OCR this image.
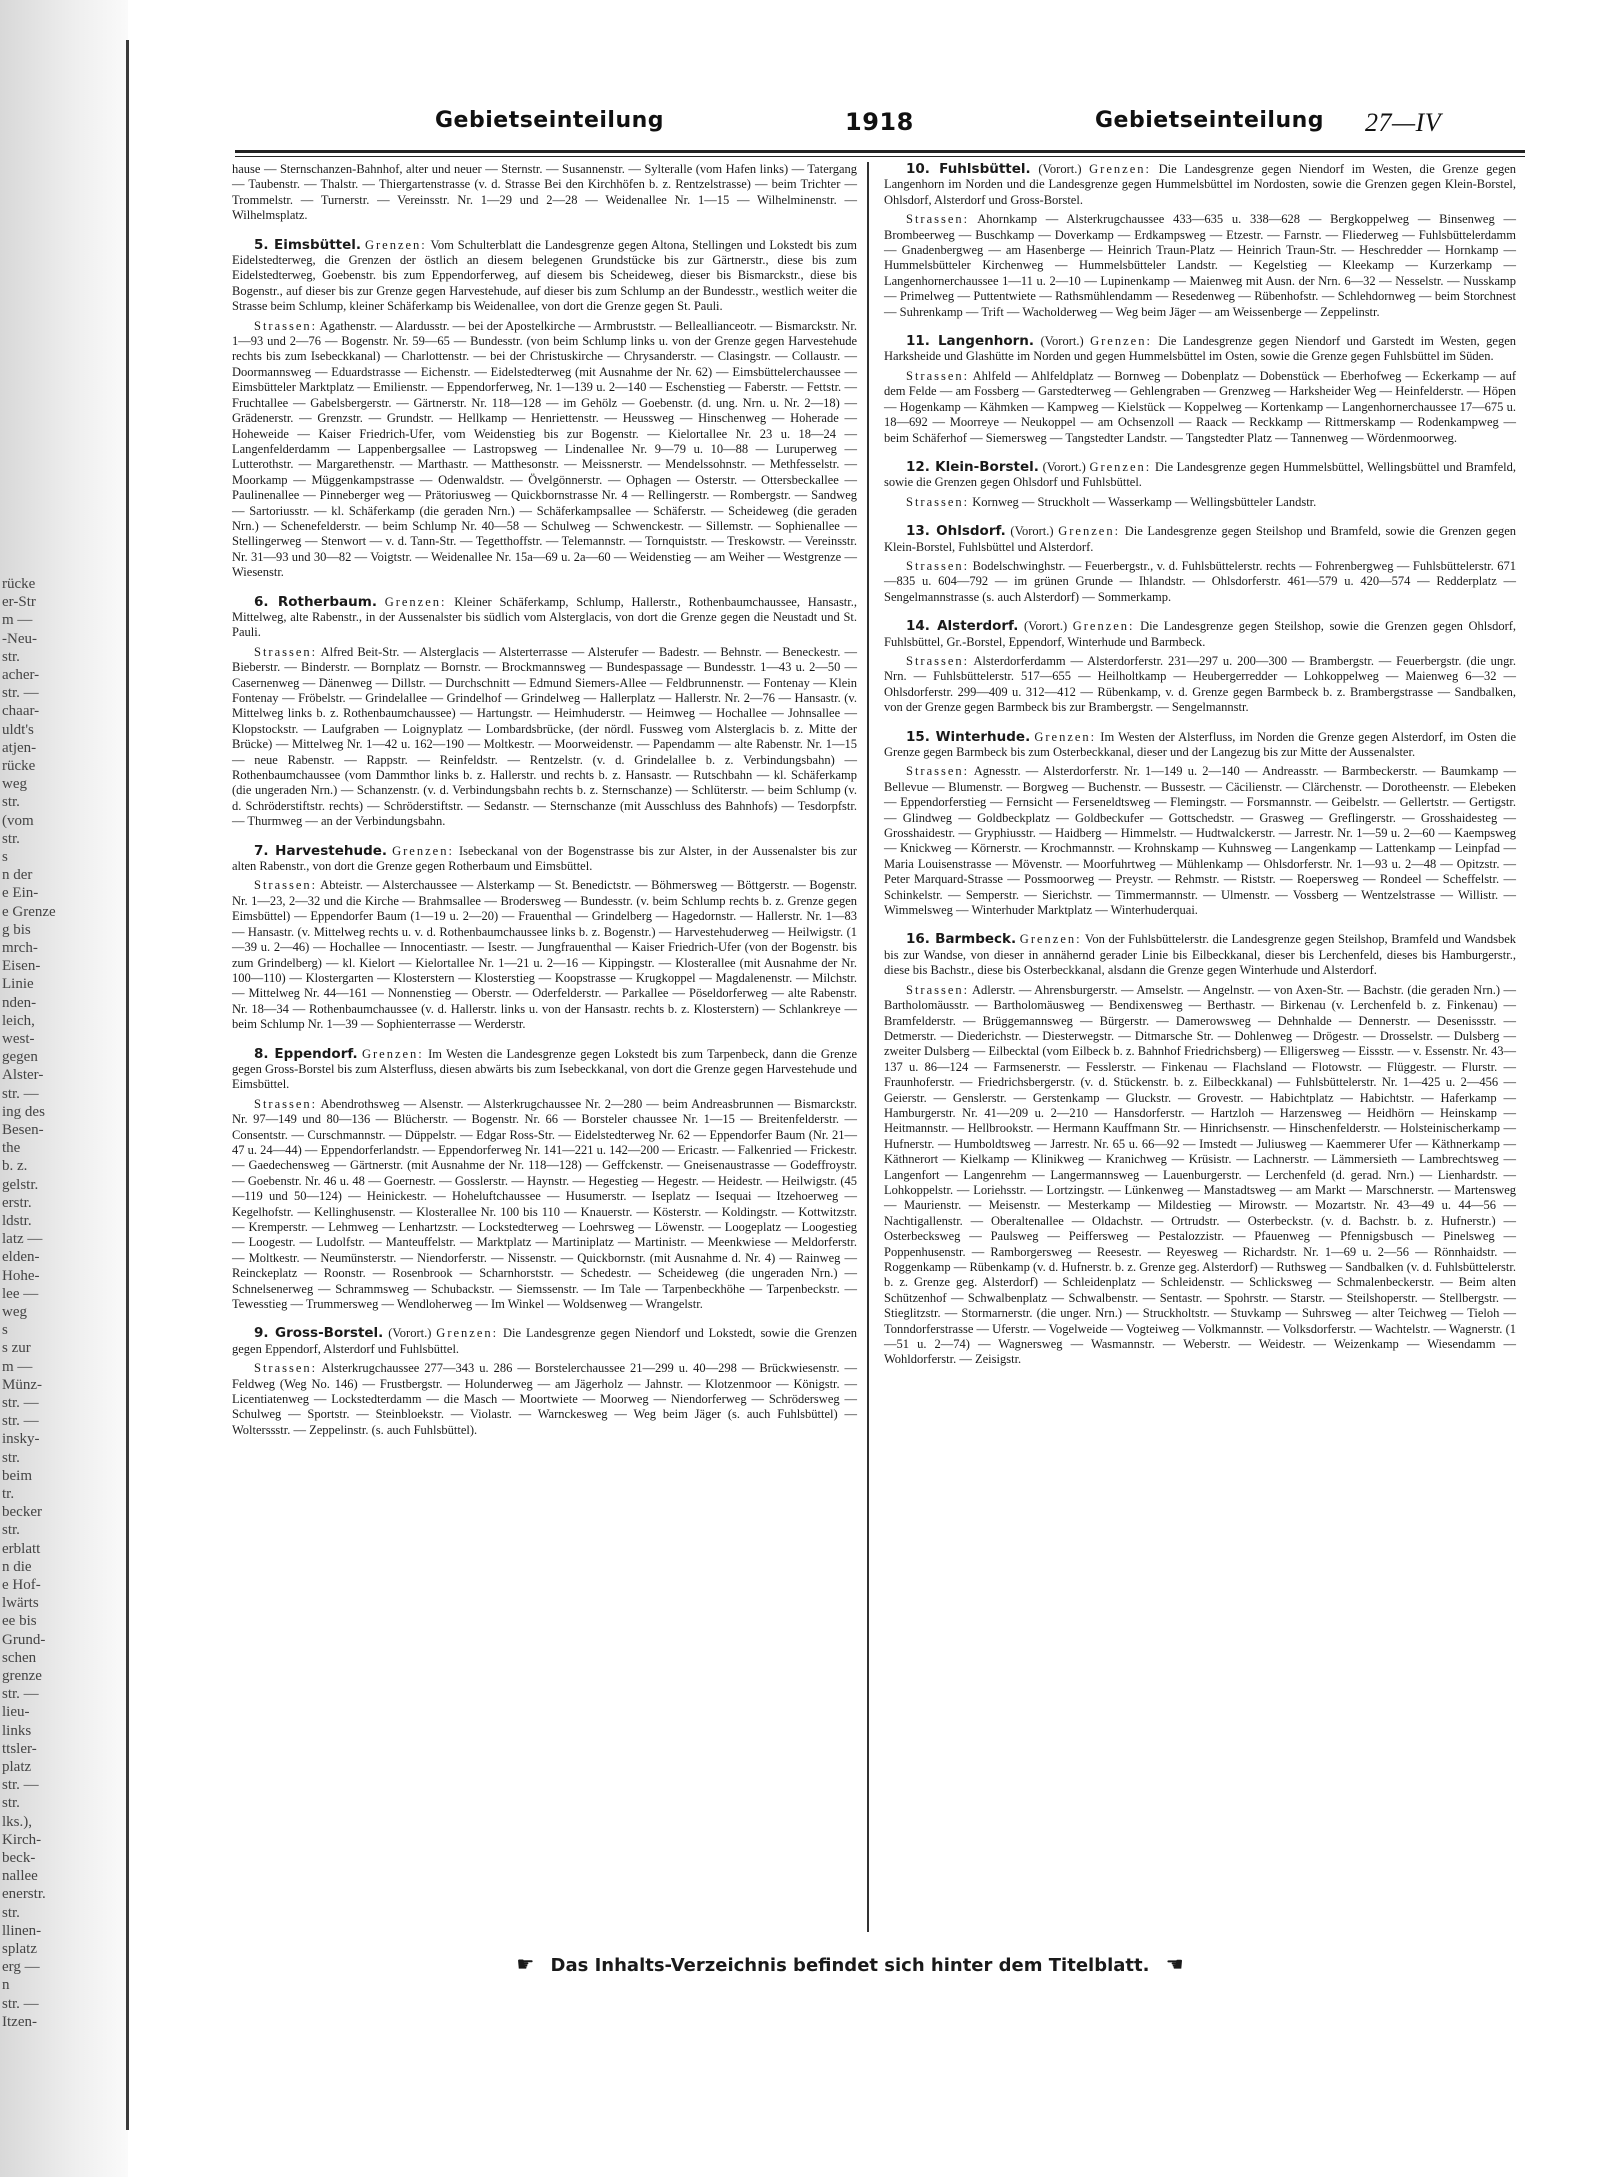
rücke
er-Str
m —
-Neu-
str.
acher-
str. —
chaar-
uldt's
atjen-
rücke
weg
str.
(vom
str.
s
n der
e Ein-
e Grenze
g bis
mrch-
Eisen-
Linie
nden-
leich,
west-
gegen
Alster-
str. —
ing des
Besen-
the
b. z.
gelstr.
erstr.
ldstr.
latz —
elden-
Hohe-
lee —
weg
s
s zur
m —
Münz-
str. —
str. —
insky-
str.
beim
tr.
becker
str.
erblatt
n die
e Hof-
lwärts
ee bis
Grund-
schen
grenze
str. —
lieu-
links
ttsler-
platz
str. —
str.
lks.),
Kirch-
beck-
nallee
enerstr.
str.
llinen-
splatz
erg —
n
str. —
Itzen-
Gebietseinteilung	1918	Gebietseinteilung 27—IV

hause — Sternschanzen-Bahnhof, alter und neuer — Sternstr. — Susannenstr. — Sylteralle (vom Hafen links) — Tatergang — Taubenstr. — Thalstr. — Thiergartenstrasse (v. d. Strasse Bei den Kirchhöfen b. z. Rentzelstrasse) — beim Trichter — Trommelstr. — Turnerstr. — Vereinsstr. Nr. 1—29 und 2—28 — Weidenallee Nr. 1—15 — Wilhelminenstr. — Wilhelmsplatz.

5. Eimsbüttel. Grenzen: Vom Schulterblatt die Landesgrenze gegen Altona, Stellingen und Lokstedt bis zum Eidelstedterweg, die Grenzen der östlich an diesem belegenen Grundstücke bis zur Gärtnerstr., diese bis zum Eidelstedterweg, Goebenstr. bis zum Eppendorferweg, auf diesem bis Scheideweg, dieser bis Bismarckstr., diese bis Bogenstr., auf dieser bis zur Grenze gegen Harvestehude, auf dieser bis zum Schlump an der Bundesstr., westlich weiter die Strasse beim Schlump, kleiner Schäferkamp bis Weidenallee, von dort die Grenze gegen St. Pauli.

Strassen: Agathenstr. — Alardusstr. — bei der Apostelkirche — Armbruststr. — Belleallianceotr. — Bismarckstr. Nr. 1—93 und 2—76 — Bogenstr. Nr. 59—65 — Bundesstr. (von beim Schlump links u. von der Grenze gegen Harvestehude rechts bis zum Isebeckkanal) — Charlottenstr. — bei der Christuskirche — Chrysanderstr. — Clasingstr. — Collaustr. — Doormannsweg — Eduardstrasse — Eichenstr. — Eidelstedterweg (mit Ausnahme der Nr. 62) — Eimsbüttelerchaussee — Eimsbütteler Marktplatz — Emilienstr. — Eppendorferweg, Nr. 1—139 u. 2—140 — Eschenstieg — Faberstr. — Fettstr. — Fruchtallee — Gabelsbergerstr. — Gärtnerstr. Nr. 118—128 — im Gehölz — Goebenstr. (d. ung. Nrn. u. Nr. 2—18) — Grädenerstr. — Grenzstr. — Grundstr. — Hellkamp — Henriettenstr. — Heussweg — Hinschenweg — Hoherade — Hoheweide — Kaiser Friedrich-Ufer, vom Weidenstieg bis zur Bogenstr. — Kielortallee Nr. 23 u. 18—24 — Langenfelderdamm — Lappenbergsallee — Lastropsweg — Lindenallee Nr. 9—79 u. 10—88 — Luruperweg — Lutterothstr. — Margarethenstr. — Marthastr. — Matthesonstr. — Meissnerstr. — Mendelssohnstr. — Methfesselstr. — Moorkamp — Müggenkampstrasse — Odenwaldstr. — Övelgönnerstr. — Ophagen — Osterstr. — Ottersbeckallee — Paulinenallee — Pinneberger weg — Prätoriusweg — Quickbornstrasse Nr. 4 — Rellingerstr. — Rombergstr. — Sandweg — Sartoriusstr. — kl. Schäferkamp (die geraden Nrn.) — Schäferkampsallee — Schäferstr. — Scheideweg (die geraden Nrn.) — Schenefelderstr. — beim Schlump Nr. 40—58 — Schulweg — Schwenckestr. — Sillemstr. — Sophienallee — Stellingerweg — Stenwort — v. d. Tann-Str. — Tegetthoffstr. — Telemannstr. — Tornquiststr. — Treskowstr. — Vereinsstr. Nr. 31—93 und 30—82 — Voigtstr. — Weidenallee Nr. 15a—69 u. 2a—60 — Weidenstieg — am Weiher — Westgrenze — Wiesenstr.

6. Rotherbaum. Grenzen: Kleiner Schäferkamp, Schlump, Hallerstr., Rothenbaumchaussee, Hansastr., Mittelweg, alte Rabenstr., in der Aussenalster bis südlich vom Alsterglacis, von dort die Grenze gegen die Neustadt und St. Pauli.

Strassen: Alfred Beit-Str. — Alsterglacis — Alsterterrasse — Alsterufer — Badestr. — Behnstr. — Beneckestr. — Bieberstr. — Binderstr. — Bornplatz — Bornstr. — Brockmannsweg — Bundespassage — Bundesstr. 1—43 u. 2—50 — Casernenweg — Dänenweg — Dillstr. — Durchschnitt — Edmund Siemers-Allee — Feldbrunnenstr. — Fontenay — Klein Fontenay — Fröbelstr. — Grindelallee — Grindelhof — Grindelweg — Hallerplatz — Hallerstr. Nr. 2—76 — Hansastr. (v. Mittelweg links b. z. Rothenbaumchaussee) — Hartungstr. — Heimhuderstr. — Heimweg — Hochallee — Johnsallee — Klopstockstr. — Laufgraben — Loignyplatz — Lombardsbrücke, (der nördl. Fussweg vom Alsterglacis b. z. Mitte der Brücke) — Mittelweg Nr. 1—42 u. 162—190 — Moltkestr. — Moorweidenstr. — Papendamm — alte Rabenstr. Nr. 1—15 — neue Rabenstr. — Rappstr. — Reinfeldstr. — Rentzelstr. (v. d. Grindelallee b. z. Verbindungsbahn) — Rothenbaumchaussee (vom Dammthor links b. z. Hallerstr. und rechts b. z. Hansastr. — Rutschbahn — kl. Schäferkamp (die ungeraden Nrn.) — Schanzenstr. (v. d. Verbindungsbahn rechts b. z. Sternschanze) — Schlüterstr. — beim Schlump (v. d. Schröderstiftstr. rechts) — Schröderstiftstr. — Sedanstr. — Sternschanze (mit Ausschluss des Bahnhofs) — Tesdorpfstr. — Thurmweg — an der Verbindungsbahn.

7. Harvestehude. Grenzen: Isebeckanal von der Bogenstrasse bis zur Alster, in der Aussenalster bis zur alten Rabenstr., von dort die Grenze gegen Rotherbaum und Eimsbüttel.

Strassen: Abteistr. — Alsterchaussee — Alsterkamp — St. Benedictstr. — Böhmersweg — Böttgerstr. — Bogenstr. Nr. 1—23, 2—32 und die Kirche — Brahmsallee — Brodersweg — Bundesstr. (v. beim Schlump rechts b. z. Grenze gegen Eimsbüttel) — Eppendorfer Baum (1—19 u. 2—20) — Frauenthal — Grindelberg — Hagedornstr. — Hallerstr. Nr. 1—83 — Hansastr. (v. Mittelweg rechts u. v. d. Rothenbaumchaussee links b. z. Bogenstr.) — Harvestehuderweg — Heilwigstr. (1—39 u. 2—46) — Hochallee — Innocentiastr. — Isestr. — Jungfrauenthal — Kaiser Friedrich-Ufer (von der Bogenstr. bis zum Grindelberg) — kl. Kielort — Kielortallee Nr. 1—21 u. 2—16 — Kippingstr. — Klosterallee (mit Ausnahme der Nr. 100—110) — Klostergarten — Klosterstern — Klosterstieg — Koopstrasse — Krugkoppel — Magdalenenstr. — Milchstr. — Mittelweg Nr. 44—161 — Nonnenstieg — Oberstr. — Oderfelderstr. — Parkallee — Pöseldorferweg — alte Rabenstr. Nr. 18—34 — Rothenbaumchaussee (v. d. Hallerstr. links u. von der Hansastr. rechts b. z. Klosterstern) — Schlankreye — beim Schlump Nr. 1—39 — Sophienterrasse — Werderstr.

8. Eppendorf. Grenzen: Im Westen die Landesgrenze gegen Lokstedt bis zum Tarpenbeck, dann die Grenze gegen Gross-Borstel bis zum Alsterfluss, diesen abwärts bis zum Isebeckkanal, von dort die Grenze gegen Harvestehude und Eimsbüttel.

Strassen: Abendrothsweg — Alsenstr. — Alsterkrugchaussee Nr. 2—280 — beim Andreasbrunnen — Bismarckstr. Nr. 97—149 und 80—136 — Blücherstr. — Bogenstr. Nr. 66 — Borsteler chaussee Nr. 1—15 — Breitenfelderstr. — Consentstr. — Curschmannstr. — Düppelstr. — Edgar Ross-Str. — Eidelstedterweg Nr. 62 — Eppendorfer Baum (Nr. 21—47 u. 24—44) — Eppendorferlandstr. — Eppendorferweg Nr. 141—221 u. 142—200 — Ericastr. — Falkenried — Frickestr. — Gaedechensweg — Gärtnerstr. (mit Ausnahme der Nr. 118—128) — Geffckenstr. — Gneisenaustrasse — Godeffroystr. — Goebenstr. Nr. 46 u. 48 — Goernestr. — Gosslerstr. — Haynstr. — Hegestieg — Hegestr. — Heidestr. — Heilwigstr. (45—119 und 50—124) — Heinickestr. — Hoheluftchaussee — Husumerstr. — Iseplatz — Isequai — Itzehoerweg — Kegelhofstr. — Kellinghusenstr. — Klosterallee Nr. 100 bis 110 — Knauerstr. — Kösterstr. — Koldingstr. — Kottwitzstr. — Kremperstr. — Lehmweg — Lenhartzstr. — Lockstedterweg — Loehrsweg — Löwenstr. — Loogeplatz — Loogestieg — Loogestr. — Ludolfstr. — Manteuffelstr. — Marktplatz — Martiniplatz — Martinistr. — Meenkwiese — Meldorferstr. — Moltkestr. — Neumünsterstr. — Niendorferstr. — Nissenstr. — Quickbornstr. (mit Ausnahme d. Nr. 4) — Rainweg — Reinckeplatz — Roonstr. — Rosenbrook — Scharnhorststr. — Schedestr. — Scheideweg (die ungeraden Nrn.) — Schnelsenerweg — Schrammsweg — Schubackstr. — Siemssenstr. — Im Tale — Tarpenbeckhöhe — Tarpenbeckstr. — Tewesstieg — Trummersweg — Wendloherweg — Im Winkel — Woldsenweg — Wrangelstr.

9. Gross-Borstel. (Vorort.) Grenzen: Die Landesgrenze gegen Niendorf und Lokstedt, sowie die Grenzen gegen Eppendorf, Alsterdorf und Fuhlsbüttel.

Strassen: Alsterkrugchaussee 277—343 u. 286 — Borstelerchaussee 21—299 u. 40—298 — Brückwiesenstr. — Feldweg (Weg No. 146) — Frustbergstr. — Holunderweg — am Jägerholz — Jahnstr. — Klotzenmoor — Königstr. — Licentiatenweg — Lockstedterdamm — die Masch — Moortwiete — Moorweg — Niendorferweg — Schrödersweg — Schulweg — Sportstr. — Steinbloekstr. — Violastr. — Warnckesweg — Weg beim Jäger (s. auch Fuhlsbüttel) — Wolterssstr. — Zeppelinstr. (s. auch Fuhlsbüttel).

10. Fuhlsbüttel. (Vorort.) Grenzen: Die Landesgrenze gegen Niendorf im Westen, die Grenze gegen Langenhorn im Norden und die Landesgrenze gegen Hummelsbüttel im Nordosten, sowie die Grenzen gegen Klein-Borstel, Ohlsdorf, Alsterdorf und Gross-Borstel.

Strassen: Ahornkamp — Alsterkrugchaussee 433—635 u. 338—628 — Bergkoppelweg — Binsenweg — Brombeerweg — Buschkamp — Doverkamp — Erdkampsweg — Etzestr. — Farnstr. — Fliederweg — Fuhlsbüttelerdamm — Gnadenbergweg — am Hasenberge — Heinrich Traun-Platz — Heinrich Traun-Str. — Heschredder — Hornkamp — Hummelsbütteler Kirchenweg — Hummelsbütteler Landstr. — Kegelstieg — Kleekamp — Kurzerkamp — Langenhornerchaussee 1—11 u. 2—10 — Lupinenkamp — Maienweg mit Ausn. der Nrn. 6—32 — Nesselstr. — Nusskamp — Primelweg — Puttentwiete — Rathsmühlendamm — Resedenweg — Rübenhofstr. — Schlehdornweg — beim Storchnest — Suhrenkamp — Trift — Wacholderweg — Weg beim Jäger — am Weissenberge — Zeppelinstr.

11. Langenhorn. (Vorort.) Grenzen: Die Landesgrenze gegen Niendorf und Garstedt im Westen, gegen Harksheide und Glashütte im Norden und gegen Hummelsbüttel im Osten, sowie die Grenze gegen Fuhlsbüttel im Süden.

Strassen: Ahlfeld — Ahlfeldplatz — Bornweg — Dobenplatz — Dobenstück — Eberhofweg — Eckerkamp — auf dem Felde — am Fossberg — Garstedterweg — Gehlengraben — Grenzweg — Harksheider Weg — Heinfelderstr. — Höpen — Hogenkamp — Kähmken — Kampweg — Kielstück — Koppelweg — Kortenkamp — Langenhornerchaussee 17—675 u. 18—692 — Moorreye — Neukoppel — am Ochsenzoll — Raack — Reckkamp — Rittmerskamp — Rodenkampweg — beim Schäferhof — Siemersweg — Tangstedter Landstr. — Tangstedter Platz — Tannenweg — Wördenmoorweg.

12. Klein-Borstel. (Vorort.) Grenzen: Die Landesgrenze gegen Hummelsbüttel, Wellingsbüttel und Bramfeld, sowie die Grenzen gegen Ohlsdorf und Fuhlsbüttel.

Strassen: Kornweg — Struckholt — Wasserkamp — Wellingsbütteler Landstr.

13. Ohlsdorf. (Vorort.) Grenzen: Die Landesgrenze gegen Steilshop und Bramfeld, sowie die Grenzen gegen Klein-Borstel, Fuhlsbüttel und Alsterdorf.

Strassen: Bodelschwinghstr. — Feuerbergstr., v. d. Fuhlsbüttelerstr. rechts — Fohrenbergweg — Fuhlsbüttelerstr. 671—835 u. 604—792 — im grünen Grunde — Ihlandstr. — Ohlsdorferstr. 461—579 u. 420—574 — Redderplatz — Sengelmannstrasse (s. auch Alsterdorf) — Sommerkamp.

14. Alsterdorf. (Vorort.) Grenzen: Die Landesgrenze gegen Steilshop, sowie die Grenzen gegen Ohlsdorf, Fuhlsbüttel, Gr.-Borstel, Eppendorf, Winterhude und Barmbeck.

Strassen: Alsterdorferdamm — Alsterdorferstr. 231—297 u. 200—300 — Brambergstr. — Feuerbergstr. (die ungr. Nrn. — Fuhlsbüttelerstr. 517—655 — Heilholtkamp — Heubergerredder — Lohkoppelweg — Maienweg 6—32 — Ohlsdorferstr. 299—409 u. 312—412 — Rübenkamp, v. d. Grenze gegen Barmbeck b. z. Brambergstrasse — Sandbalken, von der Grenze gegen Barmbeck bis zur Brambergstr. — Sengelmannstr.

15. Winterhude. Grenzen: Im Westen der Alsterfluss, im Norden die Grenze gegen Alsterdorf, im Osten die Grenze gegen Barmbeck bis zum Osterbeckkanal, dieser und der Langezug bis zur Mitte der Aussenalster.

Strassen: Agnesstr. — Alsterdorferstr. Nr. 1—149 u. 2—140 — Andreasstr. — Barmbeckerstr. — Baumkamp — Bellevue — Blumenstr. — Borgweg — Buchenstr. — Bussestr. — Cäcilienstr. — Clärchenstr. — Dorotheenstr. — Elebeken — Eppendorferstieg — Fernsicht — Ferseneldtsweg — Flemingstr. — Forsmannstr. — Geibelstr. — Gellertstr. — Gertigstr. — Glindweg — Goldbeckplatz — Goldbeckufer — Gottschedstr. — Grasweg — Greflingerstr. — Grosshaidesteg — Grosshaidestr. — Gryphiusstr. — Haidberg — Himmelstr. — Hudtwalckerstr. — Jarrestr. Nr. 1—59 u. 2—60 — Kaempsweg — Knickweg — Körnerstr. — Krochmannstr. — Krohnskamp — Kuhnsweg — Langenkamp — Lattenkamp — Leinpfad — Maria Louisenstrasse — Mövenstr. — Moorfuhrtweg — Mühlenkamp — Ohlsdorferstr. Nr. 1—93 u. 2—48 — Opitzstr. — Peter Marquard-Strasse — Possmoorweg — Preystr. — Rehmstr. — Riststr. — Roepersweg — Rondeel — Scheffelstr. — Schinkelstr. — Semperstr. — Sierichstr. — Timmermannstr. — Ulmenstr. — Vossberg — Wentzelstrasse — Willistr. — Wimmelsweg — Winterhuder Marktplatz — Winterhuderquai.

16. Barmbeck. Grenzen: Von der Fuhlsbüttelerstr. die Landesgrenze gegen Steilshop, Bramfeld und Wandsbek bis zur Wandse, von dieser in annähernd gerader Linie bis Eilbeckkanal, dieser bis Lerchenfeld, dieses bis Hamburgerstr., diese bis Bachstr., diese bis Osterbeckkanal, alsdann die Grenze gegen Winterhude und Alsterdorf.

Strassen: Adlerstr. — Ahrensburgerstr. — Amselstr. — Angelnstr. — von Axen-Str. — Bachstr. (die geraden Nrn.) — Bartholomäusstr. — Bartholomäusweg — Bendixensweg — Berthastr. — Birkenau (v. Lerchenfeld b. z. Finkenau) — Bramfelderstr. — Brüggemannsweg — Bürgerstr. — Damerowsweg — Dehnhalde — Dennerstr. — Desenissstr. — Detmerstr. — Diederichstr. — Diesterwegstr. — Ditmarsche Str. — Dohlenweg — Drögestr. — Drosselstr. — Dulsberg — zweiter Dulsberg — Eilbecktal (vom Eilbeck b. z. Bahnhof Friedrichsberg) — Elligersweg — Eissstr. — v. Essenstr. Nr. 43—137 u. 86—124 — Farmsenerstr. — Fesslerstr. — Finkenau — Flachsland — Flotowstr. — Flüggestr. — Flurstr. — Fraunhoferstr. — Friedrichsbergerstr. (v. d. Stückenstr. b. z. Eilbeckkanal) — Fuhlsbüttelerstr. Nr. 1—425 u. 2—456 — Geierstr. — Genslerstr. — Gerstenkamp — Gluckstr. — Grovestr. — Habichtplatz — Habichtstr. — Haferkamp — Hamburgerstr. Nr. 41—209 u. 2—210 — Hansdorferstr. — Hartzloh — Harzensweg — Heidhörn — Heinskamp — Heitmannstr. — Hellbrookstr. — Hermann Kauffmann Str. — Hinrichsenstr. — Hinschenfelderstr. — Holsteinischerkamp — Hufnerstr. — Humboldtsweg — Jarrestr. Nr. 65 u. 66—92 — Imstedt — Juliusweg — Kaemmerer Ufer — Käthnerkamp — Käthnerort — Kielkamp — Klinikweg — Kranichweg — Krüsistr. — Lachnerstr. — Lämmersieth — Lambrechtsweg — Langenfort — Langenrehm — Langermannsweg — Lauenburgerstr. — Lerchenfeld (d. gerad. Nrn.) — Lienhardstr. — Lohkoppelstr. — Loriehsstr. — Lortzingstr. — Lünkenweg — Manstadtsweg — am Markt — Marschnerstr. — Martensweg — Maurienstr. — Meisenstr. — Mesterkamp — Mildestieg — Mirowstr. — Mozartstr. Nr. 43—49 u. 44—56 — Nachtigallenstr. — Oberaltenallee — Oldachstr. — Ortrudstr. — Osterbeckstr. (v. d. Bachstr. b. z. Hufnerstr.) — Osterbecksweg — Paulsweg — Peiffersweg — Pestalozzistr. — Pfauenweg — Pfennigsbusch — Pinelsweg — Poppenhusenstr. — Ramborgersweg — Reesestr. — Reyesweg — Richardstr. Nr. 1—69 u. 2—56 — Rönnhaidstr. — Roggenkamp — Rübenkamp (v. d. Hufnerstr. b. z. Grenze geg. Alsterdorf) — Ruthsweg — Sandbalken (v. d. Fuhlsbüttelerstr. b. z. Grenze geg. Alsterdorf) — Schleidenplatz — Schleidenstr. — Schlicksweg — Schmalenbeckerstr. — Beim alten Schützenhof — Schwalbenplatz — Schwalbenstr. — Sentastr. — Spohrstr. — Starstr. — Steilshoperstr. — Stellbergstr. — Stieglitzstr. — Stormarnerstr. (die unger. Nrn.) — Struckholtstr. — Stuvkamp — Suhrsweg — alter Teichweg — Tieloh — Tonndorferstrasse — Uferstr. — Vogelweide — Vogteiweg — Volkmannstr. — Volksdorferstr. — Wachtelstr. — Wagnerstr. (1—51 u. 2—74) — Wagnersweg — Wasmannstr. — Weberstr. — Weidestr. — Weizenkamp — Wiesendamm — Wohldorferstr. — Zeisigstr.

☛ Das Inhalts-Verzeichnis befindet sich hinter dem Titelblatt. ☚
